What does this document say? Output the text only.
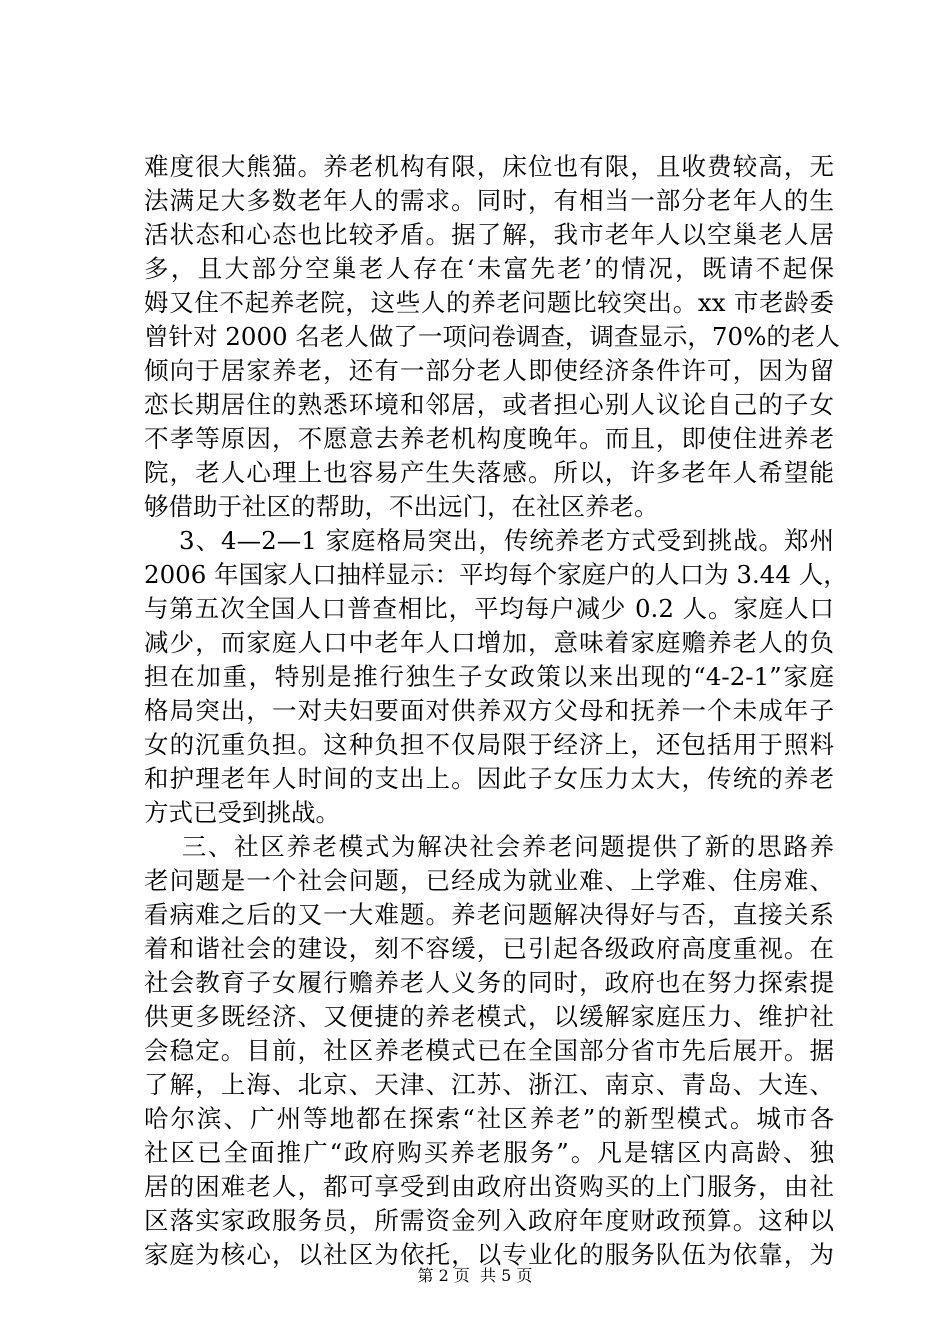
难度很大熊猫。养老机构有限，床位也有限，且收费较高，无
法满足大多数老年人的需求。同时，有相当一部分老年人的生
活状态和心态也比较矛盾。据了解，我市老年人以空巢老人居
多，且大部分空巢老人存在‘未富先老’的情况，既请不起保
姆又住不起养老院，这些人的养老问题比较突出。xx 市老龄委
曾针对 2000 名老人做了一项问卷调查，调查显示，70%的老人
倾向于居家养老，还有一部分老人即使经济条件许可，因为留
恋长期居住的熟悉环境和邻居，或者担心别人议论自己的子女
不孝等原因，不愿意去养老机构度晚年。而且，即使住进养老
院，老人心理上也容易产生失落感。所以，许多老年人希望能
够借助于社区的帮助，不出远门，在社区养老。
3、4—2—1 家庭格局突出，传统养老方式受到挑战。郑州
2006 年国家人口抽样显示：平均每个家庭户的人口为 3.44 人，
与第五次全国人口普查相比，平均每户减少 0.2 人。家庭人口
减少，而家庭人口中老年人口增加，意味着家庭赡养老人的负
担在加重，特别是推行独生子女政策以来出现的“4-2-1”家庭
格局突出，一对夫妇要面对供养双方父母和抚养一个未成年子
女的沉重负担。这种负担不仅局限于经济上，还包括用于照料
和护理老年人时间的支出上。因此子女压力太大，传统的养老
方式已受到挑战。
三、社区养老模式为解决社会养老问题提供了新的思路养
老问题是一个社会问题，已经成为就业难、上学难、住房难、
看病难之后的又一大难题。养老问题解决得好与否，直接关系
着和谐社会的建设，刻不容缓，已引起各级政府高度重视。在
社会教育子女履行赡养老人义务的同时，政府也在努力探索提
供更多既经济、又便捷的养老模式，以缓解家庭压力、维护社
会稳定。目前，社区养老模式已在全国部分省市先后展开。据
了解，上海、北京、天津、江苏、浙江、南京、青岛、大连、
哈尔滨、广州等地都在探索“社区养老”的新型模式。城市各
社区已全面推广“政府购买养老服务”。凡是辖区内高龄、独
居的困难老人，都可享受到由政府出资购买的上门服务，由社
区落实家政服务员，所需资金列入政府年度财政预算。这种以
家庭为核心，以社区为依托，以专业化的服务队伍为依靠，为
第 2 页  共 5 页
